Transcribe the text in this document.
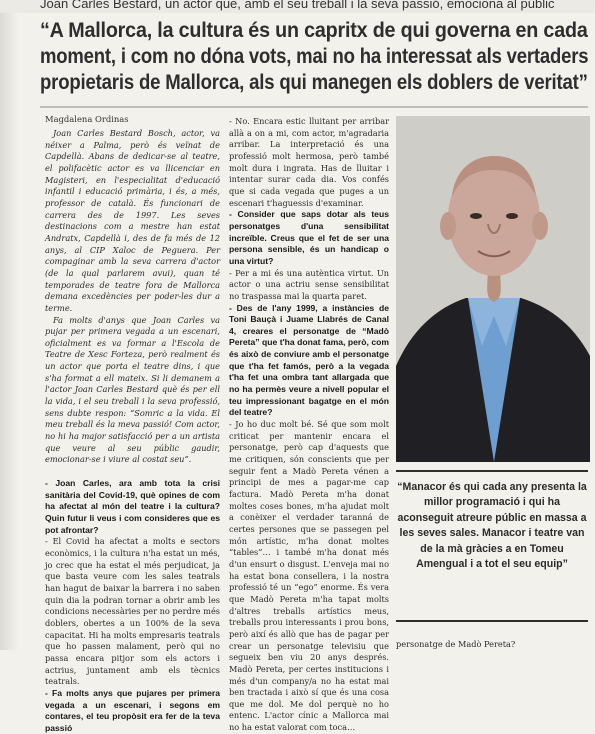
Joan Carles Bestard, un actor que, amb el seu treball i la seva passió, emociona al públic
“A Mallorca, la cultura és un capritx de qui governa en cada
moment, i com no dóna vots, mai no ha interessat als vertaders
propietaris de Mallorca, als qui manegen els doblers de veritat”
Magdalena Ordinas

Joan Carles Bestard Bosch, actor, va néixer a Palma, però és veïnat de Capdellà. Abans de dedicar-se al teatre, el polifacètic actor es va llicenciar en Magisteri, en l'especialitat d'educació infantil i educació primària, i és, a més, professor de català. És funcionari de carrera des de 1997. Les seves destinacions com a mestre han estat Andratx, Capdellà i, des de fa més de 12 anys, al CIP Xaloc de Peguera. Per compaginar amb la seva carrera d'actor (de la qual parlarem avui), quan té temporades de teatre fora de Mallorca demana excedències per poder-les dur a terme.

Fa molts d'anys que Joan Carles va pujar per primera vegada a un escenari, oficialment es va formar a l'Escola de Teatre de Xesc Forteza, però realment és un actor que porta el teatre dins, i que s'ha format a ell mateix. Si li demanem a l'actor Joan Carles Bestard què és per ell la vida, i el seu treball i la seva professió, sens dubte respon: “Somric a la vida. El meu treball és la meva passió! Com actor, no hi ha major satisfacció per a un artista que veure al seu públic gaudir, emocionar-se i viure al costat seu”.

- Joan Carles, ara amb tota la crisi sanitària del Covid-19, què opines de com ha afectat al món del teatre i la cultura? Quin futur li veus i com consideres que es pot afrontar?

- El Covid ha afectat a molts e sectors econòmics, i la cultura n'ha estat un més, jo crec que ha estat el més perjudicat, ja que basta veure com les sales teatrals han hagut de baixar la barrera i no saben quin dia la podran tornar a obrir amb les condicions necessàries per no perdre més doblers, obertes a un 100% de la seva capacitat. Hi ha molts empresaris teatrals que ho passen malament, però qui no passa encara pitjor som els actors i actrius, juntament amb els tècnics teatrals.

- Fa molts anys que pujares per primera vegada a un escenari, i segons em contares, el teu propòsit era fer de la teva passió

- No. Encara estic lluitant per arribar allà a on a mi, com actor, m'agradaria arribar. La interpretació és una professió molt hermosa, però també molt dura i ingrata. Has de lluitar i intentar surar cada dia. Vos confés que si cada vegada que puges a un escenari t'haguessis d'examinar.

- Consider que saps dotar als teus personatges d'una sensibilitat increïble. Creus que el fet de ser una persona sensible, és un handicap o una virtut?

- Per a mi és una autèntica virtut. Un actor o una actriu sense sensibilitat no traspassa mai la quarta paret.

- Des de l'any 1999, a instàncies de Toni Bauçà i Juame Llabrés de Canal 4, creares el personatge de “Madò Pereta” que t'ha donat fama, però, com és això de conviure amb el personatge que t'ha fet famós, però a la vegada t'ha fet una ombra tant allargada que no ha permès veure a nivell popular el teu impressionant bagatge en el món del teatre?

- Jo ho duc molt bé. Sé que som molt criticat per mantenir encara el personatge, però cap d'aquests que me critiquen, són conscients que per seguir fent a Madò Pereta vénen a principi de mes a pagar-me cap factura. Madò Pereta m'ha donat moltes coses bones, m'ha ajudat molt a conèixer el verdader taranná de certes persones que se passegen pel món artístic, m'ha donat moltes “tables”… i també m'ha donat més d'un ensurt o disgust. L'enveja mai no ha estat bona consellera, i la nostra professió té un “ego” enorme. És vera que Madò Pereta m'ha tapat molts d'altres treballs artístics meus, treballs prou interessants i prou bons, però així és allò que has de pagar per crear un personatge televisiu que segueix ben viu 20 anys després. Madò Pereta, per certes institucions i més d'un company/a no ha estat mai ben tractada i això sí que és una cosa que me dol. Me dol perquè no ho entenc. L'actor cínic a Mallorca mai no ha estat valorat com toca…

“Manacor és qui cada any presenta la millor programació i qui ha aconseguit atreure públic en massa a les seves sales. Manacor i teatre van de la mà gràcies a en Tomeu Amengual i a tot el seu equip”

personatge de Madò Pereta?
